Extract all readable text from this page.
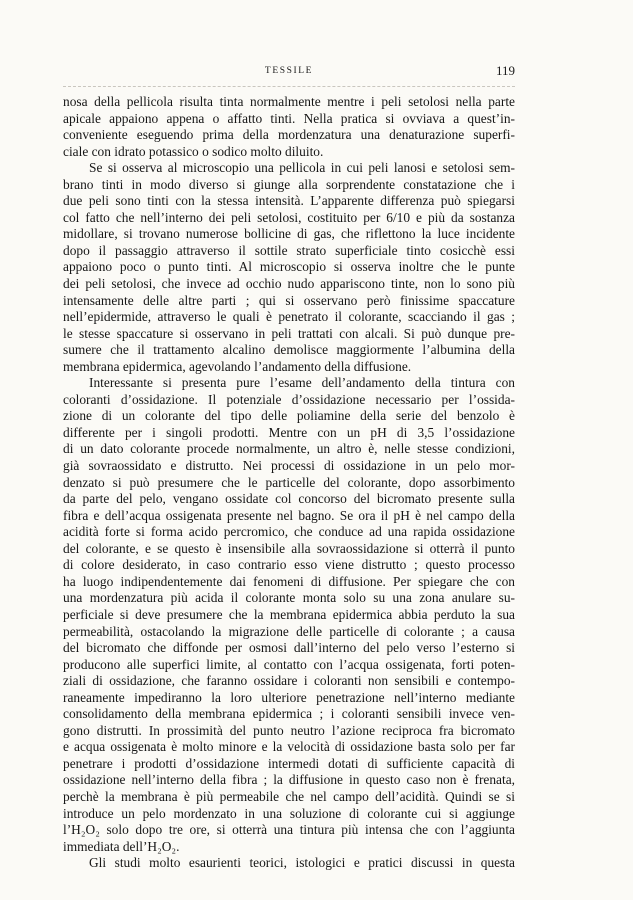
TESSILE	119
nosa della pellicola risulta tinta normalmente mentre i peli setolosi nella parte
apicale appaiono appena o affatto tinti. Nella pratica si ovviava a quest’in-
conveniente eseguendo prima della mordenzatura una denaturazione superfi-
ciale con idrato potassico o sodico molto diluito.
Se si osserva al microscopio una pellicola in cui peli lanosi e setolosi sem-
brano tinti in modo diverso si giunge alla sorprendente constatazione che i
due peli sono tinti con la stessa intensità. L’apparente differenza può spiegarsi
col fatto che nell’interno dei peli setolosi, costituito per 6/10 e più da sostanza
midollare, si trovano numerose bollicine di gas, che riflettono la luce incidente
dopo il passaggio attraverso il sottile strato superficiale tinto cosicchè essi
appaiono poco o punto tinti. Al microscopio si osserva inoltre che le punte
dei peli setolosi, che invece ad occhio nudo appariscono tinte, non lo sono più
intensamente delle altre parti ; qui si osservano però finissime spaccature
nell’epidermide, attraverso le quali è penetrato il colorante, scacciando il gas ;
le stesse spaccature si osservano in peli trattati con alcali. Si può dunque pre-
sumere che il trattamento alcalino demolisce maggiormente l’albumina della
membrana epidermica, agevolando l’andamento della diffusione.
Interessante si presenta pure l’esame dell’andamento della tintura con
coloranti d’ossidazione. Il potenziale d’ossidazione necessario per l’ossida-
zione di un colorante del tipo delle poliamine della serie del benzolo è
differente per i singoli prodotti. Mentre con un pH di 3,5 l’ossidazione
di un dato colorante procede normalmente, un altro è, nelle stesse condizioni,
già sovraossidato e distrutto. Nei processi di ossidazione in un pelo mor-
denzato si può presumere che le particelle del colorante, dopo assorbimento
da parte del pelo, vengano ossidate col concorso del bicromato presente sulla
fibra e dell’acqua ossigenata presente nel bagno. Se ora il pH è nel campo della
acidità forte si forma acido percromico, che conduce ad una rapida ossidazione
del colorante, e se questo è insensibile alla sovraossidazione si otterrà il punto
di colore desiderato, in caso contrario esso viene distrutto ; questo processo
ha luogo indipendentemente dai fenomeni di diffusione. Per spiegare che con
una mordenzatura più acida il colorante monta solo su una zona anulare su-
perficiale si deve presumere che la membrana epidermica abbia perduto la sua
permeabilità, ostacolando la migrazione delle particelle di colorante ; a causa
del bicromato che diffonde per osmosi dall’interno del pelo verso l’esterno si
producono alle superfici limite, al contatto con l’acqua ossigenata, forti poten-
ziali di ossidazione, che faranno ossidare i coloranti non sensibili e contempo-
raneamente impediranno la loro ulteriore penetrazione nell’interno mediante
consolidamento della membrana epidermica ; i coloranti sensibili invece ven-
gono distrutti. In prossimità del punto neutro l’azione reciproca fra bicromato
e acqua ossigenata è molto minore e la velocità di ossidazione basta solo per far
penetrare i prodotti d’ossidazione intermedi dotati di sufficiente capacità di
ossidazione nell’interno della fibra ; la diffusione in questo caso non è frenata,
perchè la membrana è più permeabile che nel campo dell’acidità. Quindi se si
introduce un pelo mordenzato in una soluzione di colorante cui si aggiunge
l’H₂O₂ solo dopo tre ore, si otterrà una tintura più intensa che con l’aggiunta
immediata dell’H₂O₂.
Gli studi molto esaurienti teorici, istologici e pratici discussi in questa
